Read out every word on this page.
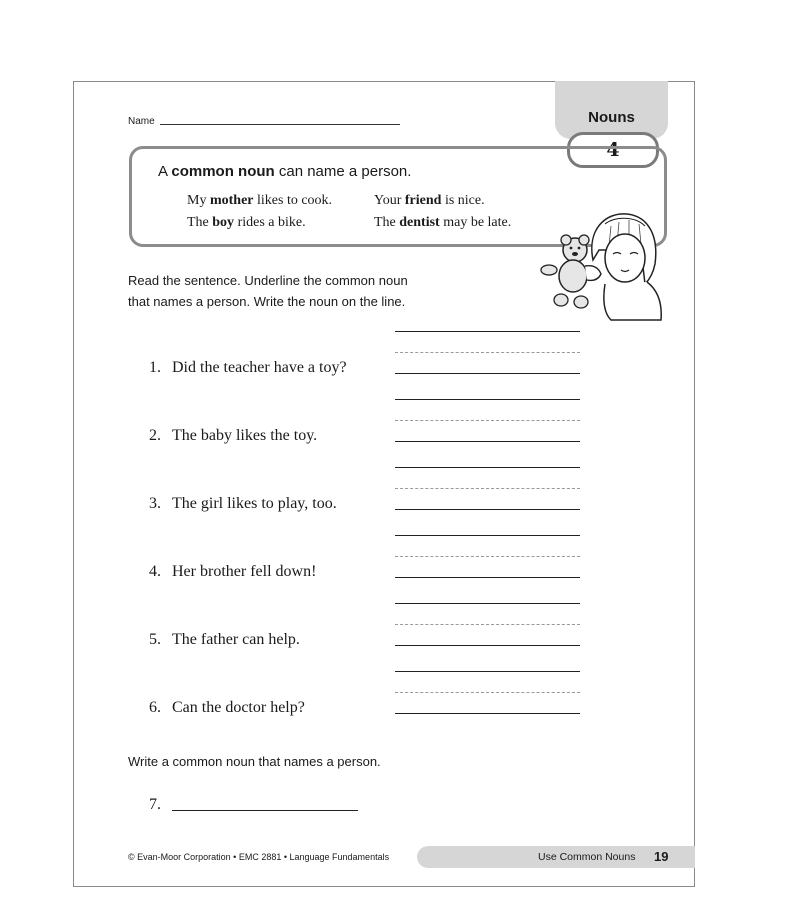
Nouns
4
Name
A common noun can name a person.
My mother likes to cook.	Your friend is nice.
The boy rides a bike.	The dentist may be late.
Read the sentence. Underline the common noun
that names a person. Write the noun on the line.
1. Did the teacher have a toy?
2. The baby likes the toy.
3. The girl likes to play, too.
4. Her brother fell down!
5. The father can help.
6. Can the doctor help?
Write a common noun that names a person.
7.
© Evan-Moor Corporation • EMC 2881 • Language Fundamentals	Use Common Nouns 19
